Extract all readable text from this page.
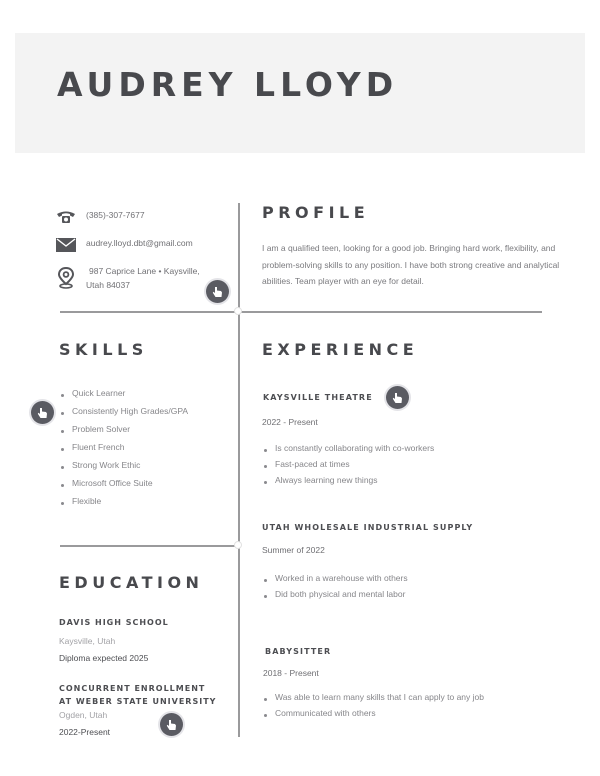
AUDREY LLOYD
(385)-307-7677
audrey.lloyd.dbt@gmail.com
987 Caprice Lane • Kaysville,
Utah 84037
PROFILE
I am a qualified teen, looking for a good job. Bringing hard work, flexibility, and problem-solving skills to any position. I have both strong creative and analytical abilities. Team player with an eye for detail.
SKILLS
Quick Learner
Consistently High Grades/GPA
Problem Solver
Fluent French
Strong Work Ethic
Microsoft Office Suite
Flexible
EXPERIENCE
KAYSVILLE THEATRE
2022 - Present
Is constantly collaborating with co-workers
Fast-paced at times
Always learning new things
UTAH WHOLESALE INDUSTRIAL SUPPLY
Summer of 2022
Worked in a warehouse with others
Did both physical and mental labor
BABYSITTER
2018 - Present
Was able to learn many skills that I can apply to any job
Communicated with others
EDUCATION
DAVIS HIGH SCHOOL
Kaysville, Utah
Diploma expected 2025
CONCURRENT ENROLLMENT
AT WEBER STATE UNIVERSITY
Ogden, Utah
2022-Present
